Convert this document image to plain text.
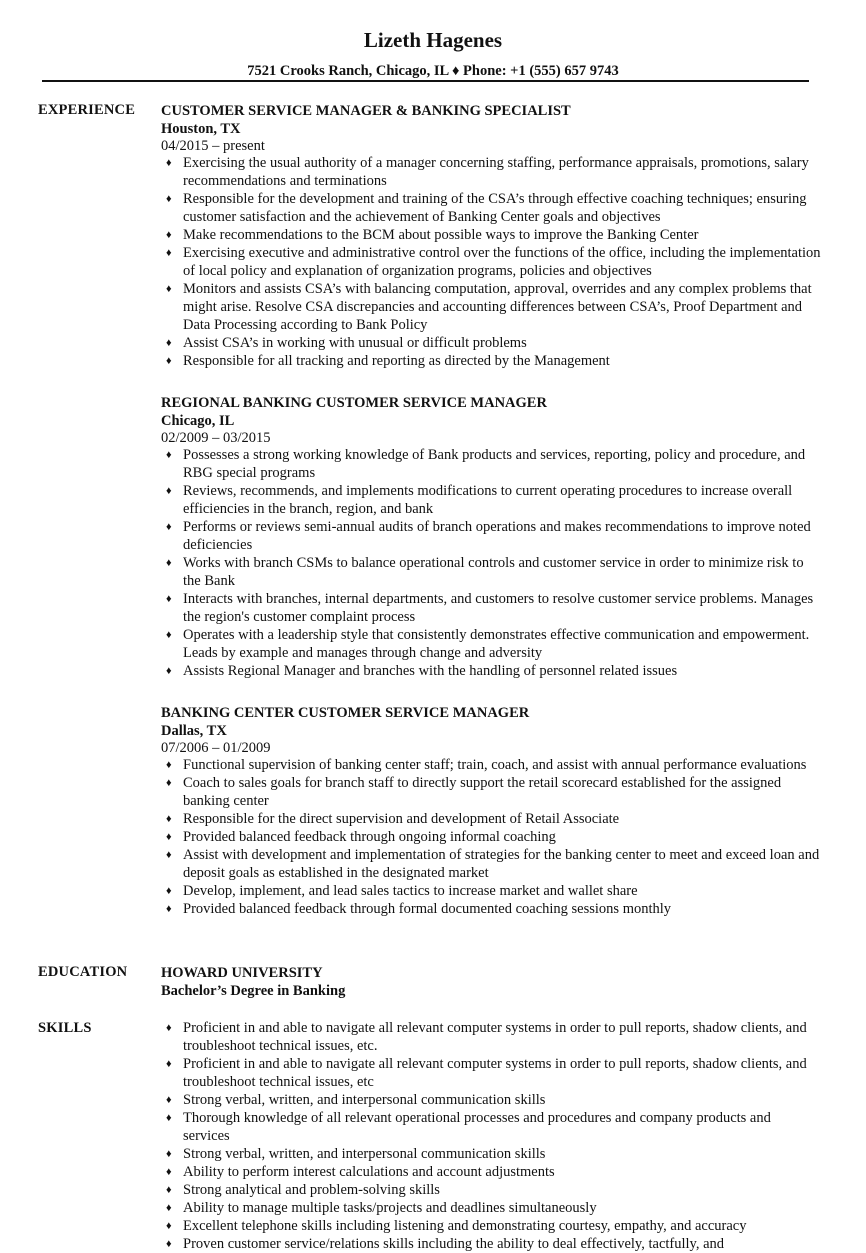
Lizeth Hagenes
7521 Crooks Ranch, Chicago, IL ♦ Phone: +1 (555) 657 9743
EXPERIENCE CUSTOMER SERVICE MANAGER & BANKING SPECIALIST
Houston, TX
04/2015 – present
♦ Exercising the usual authority of a manager concerning staffing, performance appraisals, promotions, salary recommendations and terminations
♦ Responsible for the development and training of the CSA’s through effective coaching techniques; ensuring customer satisfaction and the achievement of Banking Center goals and objectives
♦ Make recommendations to the BCM about possible ways to improve the Banking Center
♦ Exercising executive and administrative control over the functions of the office, including the implementation of local policy and explanation of organization programs, policies and objectives
♦ Monitors and assists CSA’s with balancing computation, approval, overrides and any complex problems that might arise. Resolve CSA discrepancies and accounting differences between CSA’s, Proof Department and Data Processing according to Bank Policy
♦ Assist CSA’s in working with unusual or difficult problems
♦ Responsible for all tracking and reporting as directed by the Management
REGIONAL BANKING CUSTOMER SERVICE MANAGER
Chicago, IL
02/2009 – 03/2015
♦ Possesses a strong working knowledge of Bank products and services, reporting, policy and procedure, and RBG special programs
♦ Reviews, recommends, and implements modifications to current operating procedures to increase overall efficiencies in the branch, region, and bank
♦ Performs or reviews semi-annual audits of branch operations and makes recommendations to improve noted deficiencies
♦ Works with branch CSMs to balance operational controls and customer service in order to minimize risk to the Bank
♦ Interacts with branches, internal departments, and customers to resolve customer service problems. Manages the region's customer complaint process
♦ Operates with a leadership style that consistently demonstrates effective communication and empowerment. Leads by example and manages through change and adversity
♦ Assists Regional Manager and branches with the handling of personnel related issues
BANKING CENTER CUSTOMER SERVICE MANAGER
Dallas, TX
07/2006 – 01/2009
♦ Functional supervision of banking center staff; train, coach, and assist with annual performance evaluations
♦ Coach to sales goals for branch staff to directly support the retail scorecard established for the assigned banking center
♦ Responsible for the direct supervision and development of Retail Associate
♦ Provided balanced feedback through ongoing informal coaching
♦ Assist with development and implementation of strategies for the banking center to meet and exceed loan and deposit goals as established in the designated market
♦ Develop, implement, and lead sales tactics to increase market and wallet share
♦ Provided balanced feedback through formal documented coaching sessions monthly
EDUCATION HOWARD UNIVERSITY
Bachelor’s Degree in Banking
SKILLS	♦ Proficient in and able to navigate all relevant computer systems in order to pull reports, shadow clients, and troubleshoot technical issues, etc.
♦ Proficient in and able to navigate all relevant computer systems in order to pull reports, shadow clients, and troubleshoot technical issues, etc
♦ Strong verbal, written, and interpersonal communication skills
♦ Thorough knowledge of all relevant operational processes and procedures and company products and services
♦ Strong verbal, written, and interpersonal communication skills
♦ Ability to perform interest calculations and account adjustments
♦ Strong analytical and problem-solving skills
♦ Ability to manage multiple tasks/projects and deadlines simultaneously
♦ Excellent telephone skills including listening and demonstrating courtesy, empathy, and accuracy
♦ Proven customer service/relations skills including the ability to deal effectively, tactfully, and
